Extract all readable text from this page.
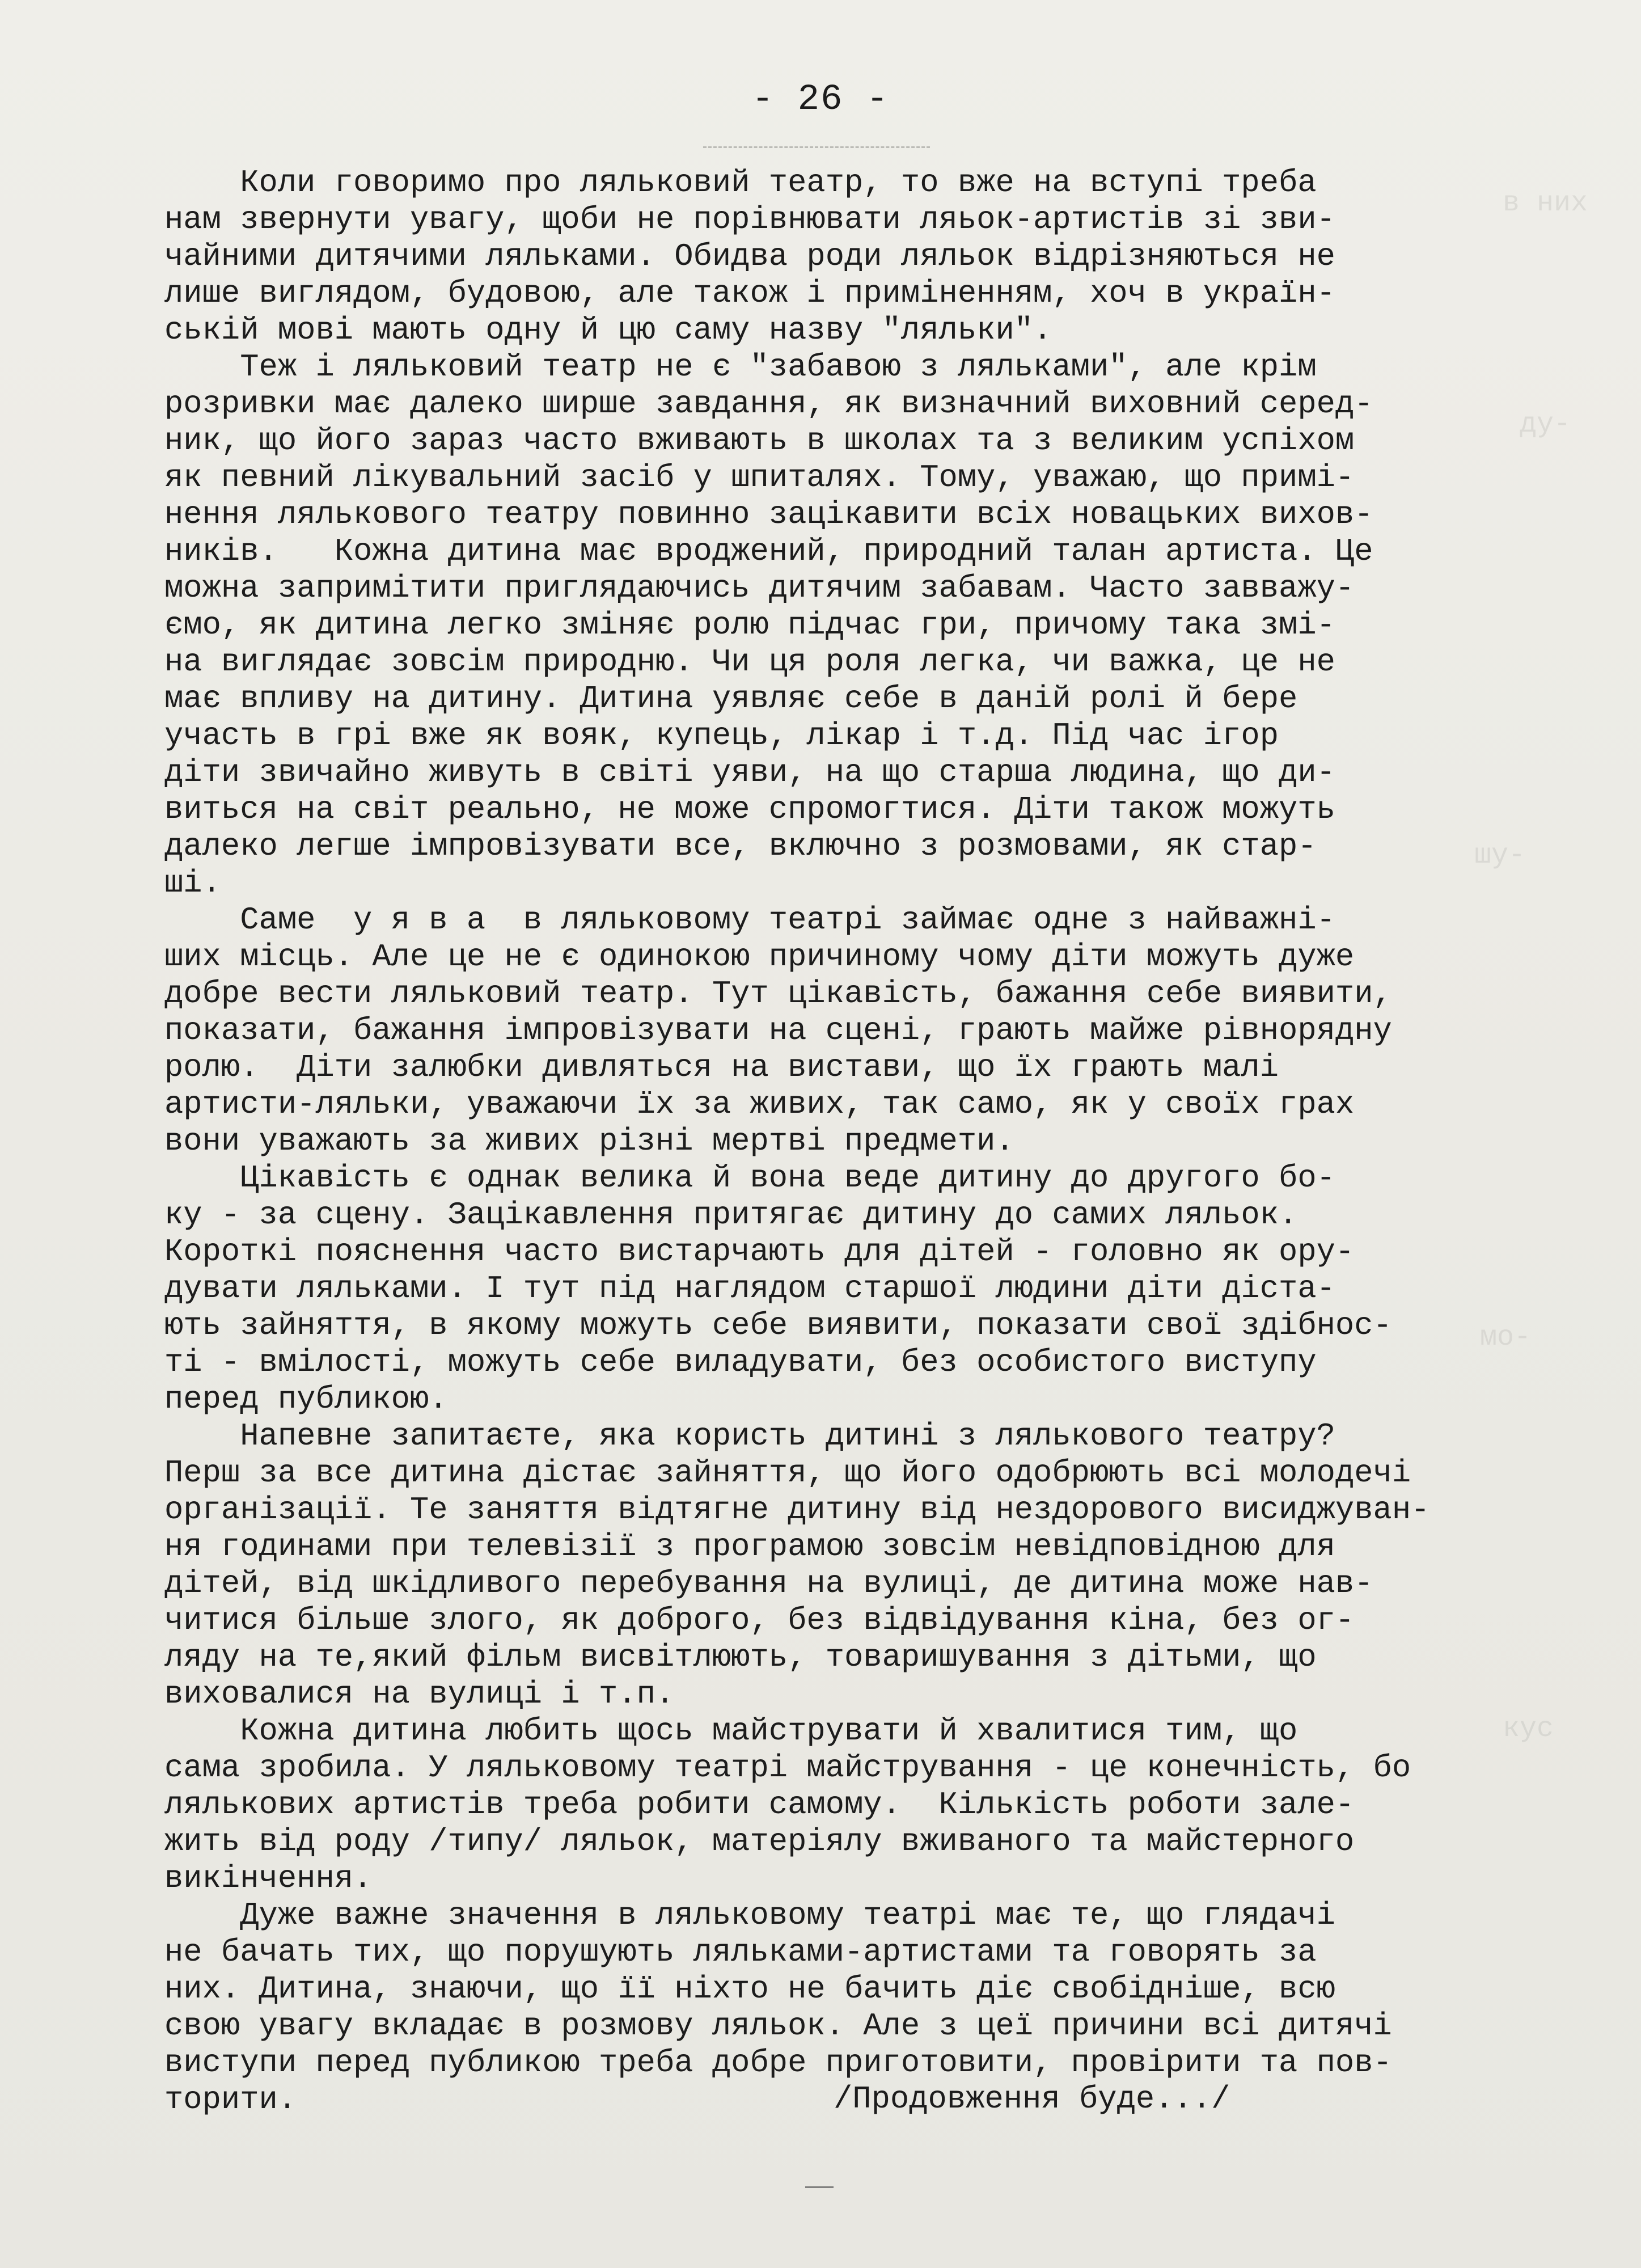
в них
ду-
шу-
мо-
кус
- 26 -
Коли говоримо про ляльковий театр, то вже на вступі треба
нам звернути увагу, щоби не порівнювати ляьок-артистів зі зви-
чайними дитячими ляльками. Обидва роди ляльок відрізняються не
лише виглядом, будовою, але також і приміненням, хоч в україн-
ській мові мають одну й цю саму назву "ляльки".
Теж і ляльковий театр не є "забавою з ляльками", але крім
розривки має далеко ширше завдання, як визначний виховний серед-
ник, що його зараз часто вживають в школах та з великим успіхом
як певний лікувальний засіб у шпиталях. Тому, уважаю, що примі-
нення лялькового театру повинно зацікавити всіх новацьких вихов-
ників.   Кожна дитина має вроджений, природний талан артиста. Це
можна запримітити приглядаючись дитячим забавам. Часто завважу-
ємо, як дитина легко зміняє ролю підчас гри, причому така змі-
на виглядає зовсім природню. Чи ця роля легка, чи важка, це не
має впливу на дитину. Дитина уявляє себе в даній ролі й бере
участь в грі вже як вояк, купець, лікар і т.д. Під час ігор
діти звичайно живуть в світі уяви, на що старша людина, що ди-
виться на світ реально, не може спромогтися. Діти також можуть
далеко легше імпровізувати все, включно з розмовами, як стар-
ші.
Саме  у я в а  в ляльковому театрі займає одне з найважні-
ших місць. Але це не є одинокою причиному чому діти можуть дуже
добре вести ляльковий театр. Тут цікавість, бажання себе виявити,
показати, бажання імпровізувати на сцені, грають майже рівнорядну
ролю.  Діти залюбки дивляться на вистави, що їх грають малі
артисти-ляльки, уважаючи їх за живих, так само, як у своїх грах
вони уважають за живих різні мертві предмети.
Цікавість є однак велика й вона веде дитину до другого бо-
ку - за сцену. Зацікавлення притягає дитину до самих ляльок.
Короткі пояснення часто вистарчають для дітей - головно як ору-
дувати ляльками. І тут під наглядом старшої людини діти діста-
ють зайняття, в якому можуть себе виявити, показати свої здібнос-
ті - вмілості, можуть себе виладувати, без особистого виступу
перед публикою.
Напевне запитаєте, яка користь дитині з лялькового театру?
Перш за все дитина дістає зайняття, що його одобрюють всі молодечі
організації. Те заняття відтягне дитину від нездорового висиджуван-
ня годинами при телевізії з програмою зовсім невідповідною для
дітей, від шкідливого перебування на вулиці, де дитина може нав-
читися більше злого, як доброго, без відвідування кіна, без ог-
ляду на те,який фільм висвітлюють, товаришування з дітьми, що
виховалися на вулиці і т.п.
Кожна дитина любить щось майструвати й хвалитися тим, що
сама зробила. У ляльковому театрі майстрування - це конечність, бо
лялькових артистів треба робити самому.  Кількість роботи зале-
жить від роду /типу/ ляльок, матеріялу вживаного та майстерного
викінчення.
Дуже важне значення в ляльковому театрі має те, що глядачі
не бачать тих, що порушують ляльками-артистами та говорять за
них. Дитина, знаючи, що її ніхто не бачить діє свобідніше, всю
свою увагу вкладає в розмову ляльок. Але з цеї причини всі дитячі
виступи перед публикою треба добре приготовити, провірити та пов-
торити.	/Продовження буде.../
